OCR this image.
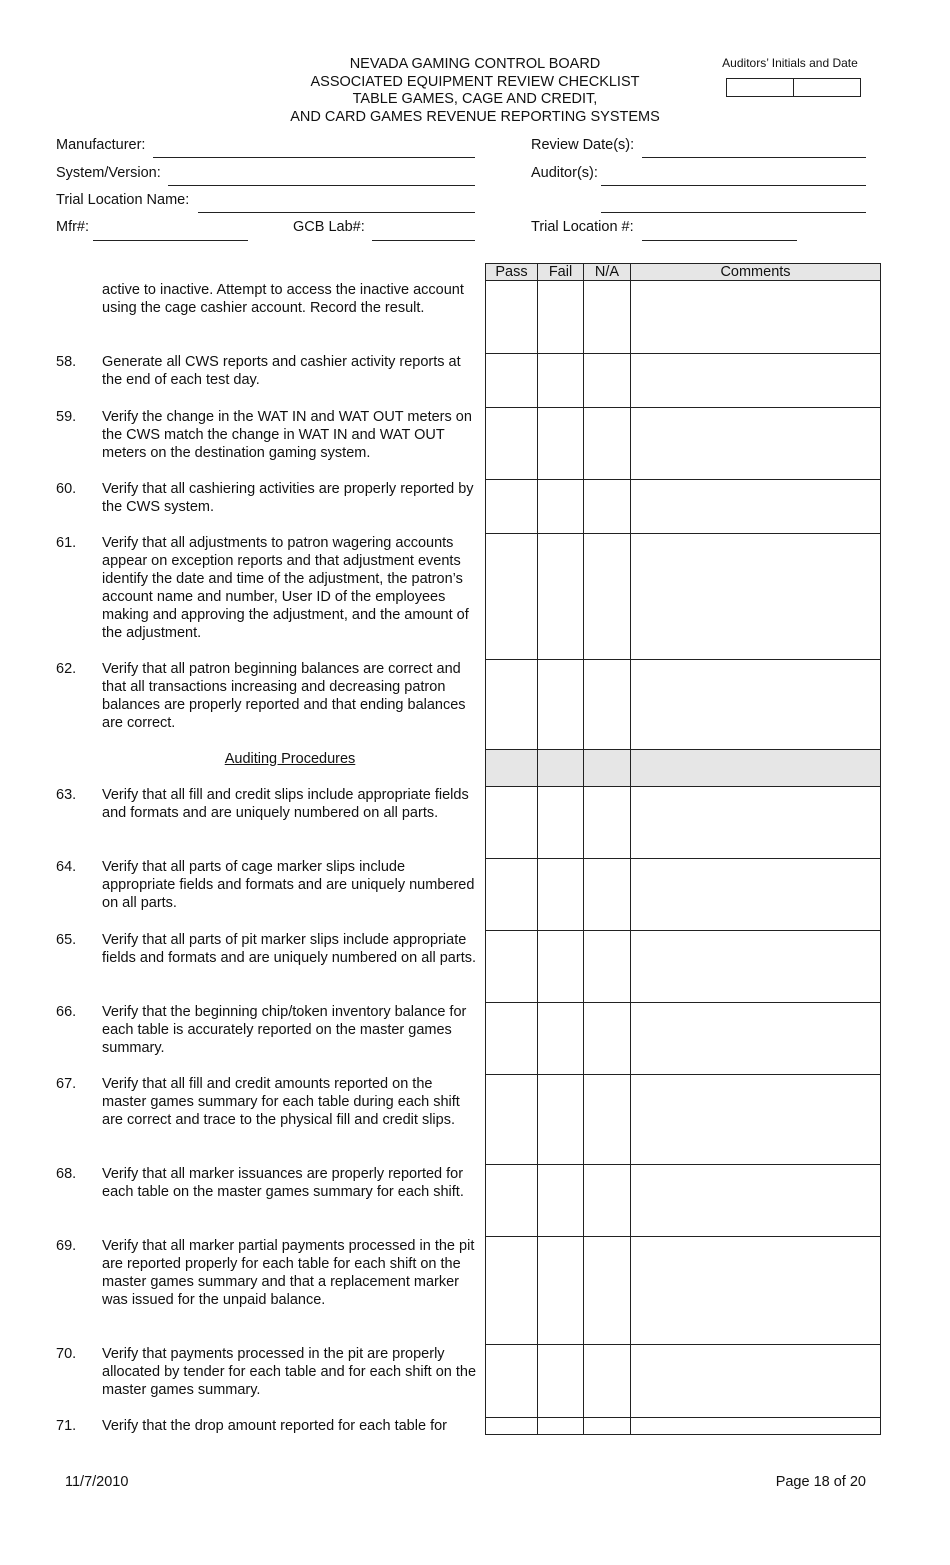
NEVADA GAMING CONTROL BOARD
ASSOCIATED EQUIPMENT REVIEW CHECKLIST
TABLE GAMES, CAGE AND CREDIT,
AND CARD GAMES REVENUE REPORTING SYSTEMS
Auditors’ Initials and Date
Manufacturer:	Review Date(s):
System/Version:	Auditor(s):
Trial Location Name:
Mfr#:	GCB Lab#:	Trial Location #:
Pass	Fail	N/A	Comments

active to inactive. Attempt to access the inactive account using the cage cashier account. Record the result.
58. Generate all CWS reports and cashier activity reports at the end of each test day.
59. Verify the change in the WAT IN and WAT OUT meters on the CWS match the change in WAT IN and WAT OUT meters on the destination gaming system.
60. Verify that all cashiering activities are properly reported by the CWS system.
61. Verify that all adjustments to patron wagering accounts appear on exception reports and that adjustment events identify the date and time of the adjustment, the patron’s account name and number, User ID of the employees making and approving the adjustment, and the amount of the adjustment.
62. Verify that all patron beginning balances are correct and that all transactions increasing and decreasing patron balances are properly reported and that ending balances are correct.
Auditing Procedures
63. Verify that all fill and credit slips include appropriate fields and formats and are uniquely numbered on all parts.
64. Verify that all parts of cage marker slips include appropriate fields and formats and are uniquely numbered on all parts.
65. Verify that all parts of pit marker slips include appropriate fields and formats and are uniquely numbered on all parts.
66. Verify that the beginning chip/token inventory balance for each table is accurately reported on the master games summary.
67. Verify that all fill and credit amounts reported on the master games summary for each table during each shift are correct and trace to the physical fill and credit slips.
68. Verify that all marker issuances are properly reported for each table on the master games summary for each shift.
69. Verify that all marker partial payments processed in the pit are reported properly for each table for each shift on the master games summary and that a replacement marker was issued for the unpaid balance.
70. Verify that payments processed in the pit are properly allocated by tender for each table and for each shift on the master games summary.
71. Verify that the drop amount reported for each table for
11/7/2010	Page 18 of 20
